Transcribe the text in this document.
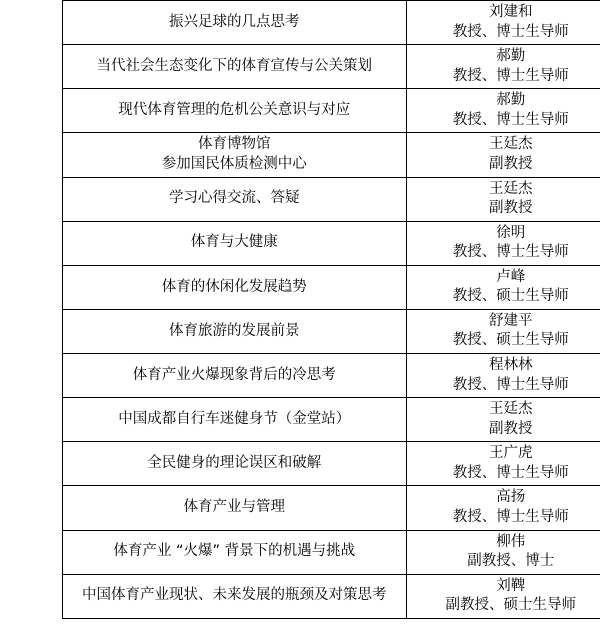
振兴足球的几点思考	刘建和
教授、博士生导师

当代社会生态变化下的体育宣传与公关策划	郝勤
教授、博士生导师

现代体育管理的危机公关意识与对应	郝勤
教授、博士生导师

体育博物馆
参加国民体质检测中心	王廷杰
副教授

学习心得交流、答疑	王廷杰
副教授

体育与大健康	徐明
教授、博士生导师

体育的休闲化发展趋势	卢峰
教授、硕士生导师

体育旅游的发展前景	舒建平
教授、硕士生导师

体育产业火爆现象背后的冷思考	程林林
教授、博士生导师

中国成都自行车迷健身节（金堂站）	王廷杰
副教授

全民健身的理论误区和破解	王广虎
教授、博士生导师

体育产业与管理	高扬
教授、博士生导师

体育产业 “火爆” 背景下的机遇与挑战	柳伟
副教授、博士

中国体育产业现状、未来发展的瓶颈及对策思考	刘鞞
副教授、硕士生导师
